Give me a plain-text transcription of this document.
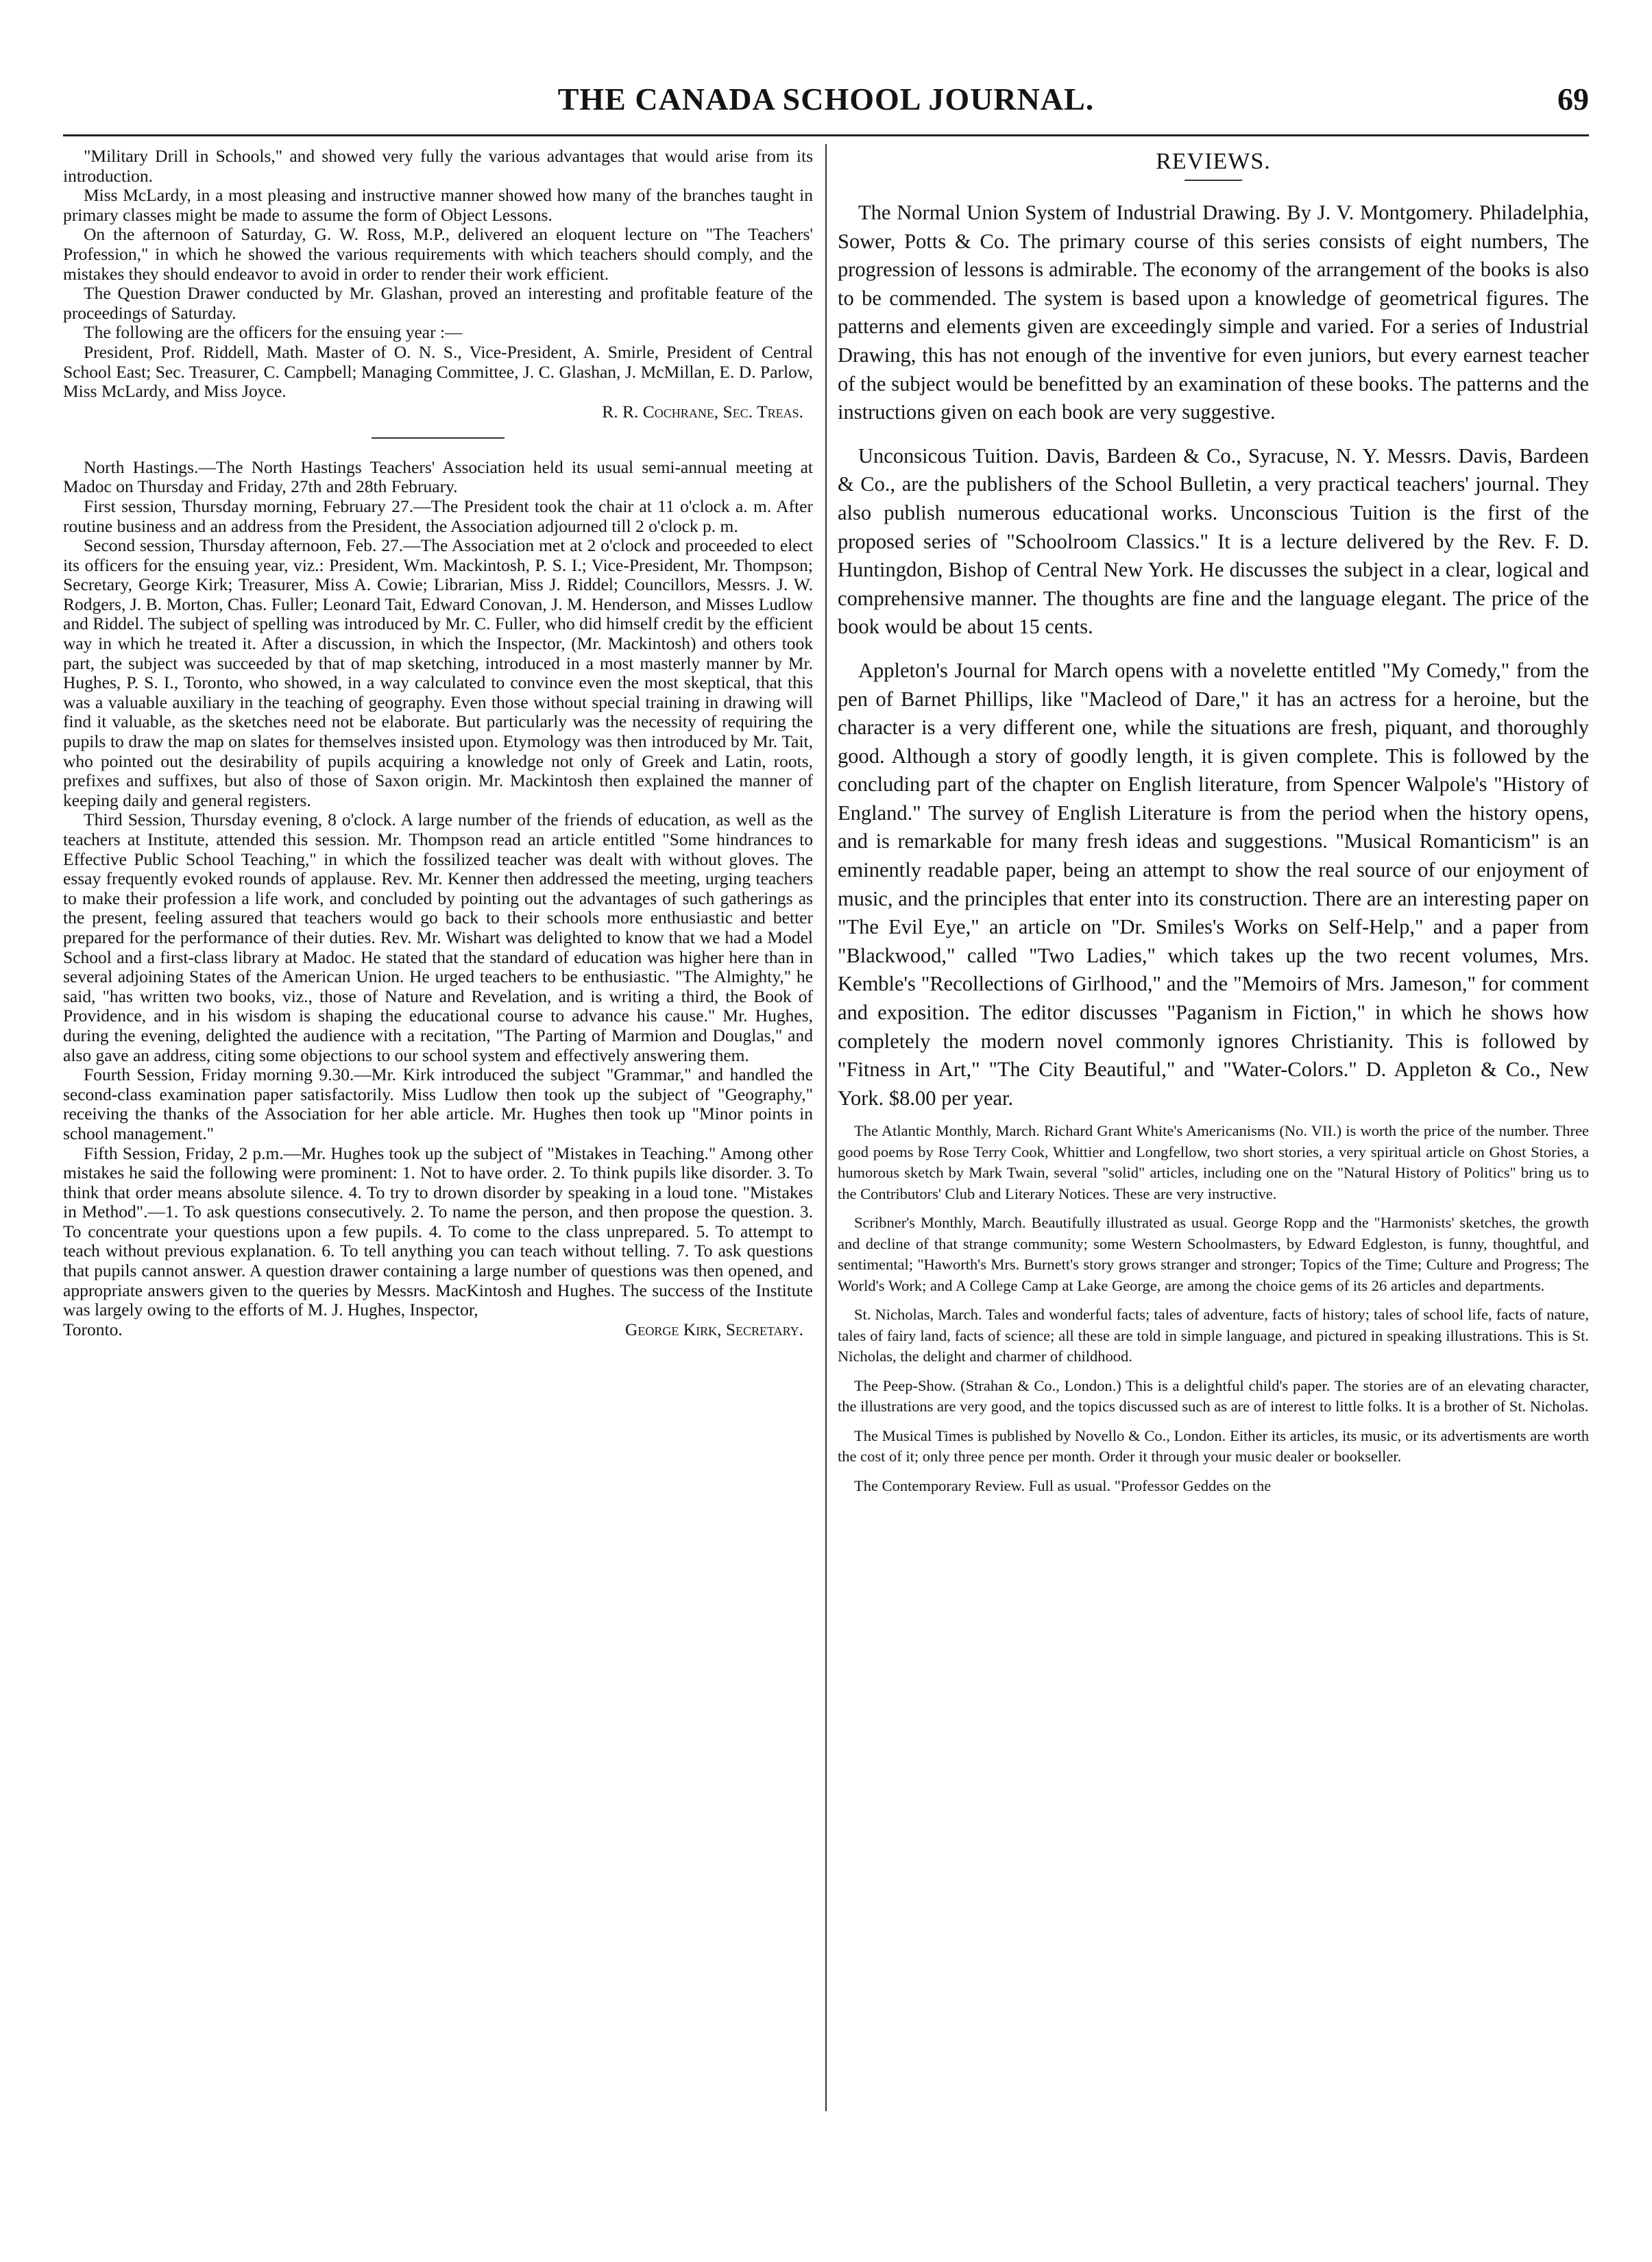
THE CANADA SCHOOL JOURNAL.	69

"Military Drill in Schools," and showed very fully the various advantages that would arise from its introduction.

Miss McLardy, in a most pleasing and instructive manner showed how many of the branches taught in primary classes might be made to assume the form of Object Lessons.

On the afternoon of Saturday, G. W. Ross, M.P., delivered an eloquent lecture on "The Teachers' Profession," in which he showed the various requirements with which teachers should comply, and the mistakes they should endeavor to avoid in order to render their work efficient.

The Question Drawer conducted by Mr. Glashan, proved an interesting and profitable feature of the proceedings of Saturday.

The following are the officers for the ensuing year :—

President, Prof. Riddell, Math. Master of O. N. S., Vice-President, A. Smirle, President of Central School East; Sec. Treasurer, C. Campbell; Managing Committee, J. C. Glashan, J. McMillan, E. D. Parlow, Miss McLardy, and Miss Joyce.

R. R. Cochrane, Sec. Treas.

North Hastings.—The North Hastings Teachers' Association held its usual semi-annual meeting at Madoc on Thursday and Friday, 27th and 28th February.

First session, Thursday morning, February 27.—The President took the chair at 11 o'clock a. m. After routine business and an address from the President, the Association adjourned till 2 o'clock p. m.

Second session, Thursday afternoon, Feb. 27.—The Association met at 2 o'clock and proceeded to elect its officers for the ensuing year, viz.: President, Wm. Mackintosh, P. S. I.; Vice-President, Mr. Thompson; Secretary, George Kirk; Treasurer, Miss A. Cowie; Librarian, Miss J. Riddel; Councillors, Messrs. J. W. Rodgers, J. B. Morton, Chas. Fuller; Leonard Tait, Edward Conovan, J. M. Henderson, and Misses Ludlow and Riddel. The subject of spelling was introduced by Mr. C. Fuller, who did himself credit by the efficient way in which he treated it. After a discussion, in which the Inspector, (Mr. Mackintosh) and others took part, the subject was succeeded by that of map sketching, introduced in a most masterly manner by Mr. Hughes, P. S. I., Toronto, who showed, in a way calculated to convince even the most skeptical, that this was a valuable auxiliary in the teaching of geography. Even those without special training in drawing will find it valuable, as the sketches need not be elaborate. But particularly was the necessity of requiring the pupils to draw the map on slates for themselves insisted upon. Etymology was then introduced by Mr. Tait, who pointed out the desirability of pupils acquiring a knowledge not only of Greek and Latin, roots, prefixes and suffixes, but also of those of Saxon origin. Mr. Mackintosh then explained the manner of keeping daily and general registers.

Third Session, Thursday evening, 8 o'clock. A large number of the friends of education, as well as the teachers at Institute, attended this session. Mr. Thompson read an article entitled "Some hindrances to Effective Public School Teaching," in which the fossilized teacher was dealt with without gloves. The essay frequently evoked rounds of applause. Rev. Mr. Kenner then addressed the meeting, urging teachers to make their profession a life work, and concluded by pointing out the advantages of such gatherings as the present, feeling assured that teachers would go back to their schools more enthusiastic and better prepared for the performance of their duties. Rev. Mr. Wishart was delighted to know that we had a Model School and a first-class library at Madoc. He stated that the standard of education was higher here than in several adjoining States of the American Union. He urged teachers to be enthusiastic. "The Almighty," he said, "has written two books, viz., those of Nature and Revelation, and is writing a third, the Book of Providence, and in his wisdom is shaping the educational course to advance his cause." Mr. Hughes, during the evening, delighted the audience with a recitation, "The Parting of Marmion and Douglas," and also gave an address, citing some objections to our school system and effectively answering them.

Fourth Session, Friday morning 9.30.—Mr. Kirk introduced the subject "Grammar," and handled the second-class examination paper satisfactorily. Miss Ludlow then took up the subject of "Geography," receiving the thanks of the Association for her able article. Mr. Hughes then took up "Minor points in school management."

Fifth Session, Friday, 2 p.m.—Mr. Hughes took up the subject of "Mistakes in Teaching." Among other mistakes he said the following were prominent: 1. Not to have order. 2. To think pupils like disorder. 3. To think that order means absolute silence. 4. To try to drown disorder by speaking in a loud tone. "Mistakes in Method".—1. To ask questions consecutively. 2. To name the person, and then propose the question. 3. To concentrate your questions upon a few pupils. 4. To come to the class unprepared. 5. To attempt to teach without previous explanation. 6. To tell anything you can teach without telling. 7. To ask questions that pupils cannot answer. A question drawer containing a large number of questions was then opened, and appropriate answers given to the queries by Messrs. MacKintosh and Hughes. The success of the Institute was largely owing to the efforts of M. J. Hughes, Inspector,

Toronto.	George Kirk, Secretary.

REVIEWS.

The Normal Union System of Industrial Drawing. By J. V. Montgomery. Philadelphia, Sower, Potts & Co. The primary course of this series consists of eight numbers, The progression of lessons is admirable. The economy of the arrangement of the books is also to be commended. The system is based upon a knowledge of geometrical figures. The patterns and elements given are exceedingly simple and varied. For a series of Industrial Drawing, this has not enough of the inventive for even juniors, but every earnest teacher of the subject would be benefitted by an examination of these books. The patterns and the instructions given on each book are very suggestive.

Unconsicous Tuition. Davis, Bardeen & Co., Syracuse, N. Y. Messrs. Davis, Bardeen & Co., are the publishers of the School Bulletin, a very practical teachers' journal. They also publish numerous educational works. Unconscious Tuition is the first of the proposed series of "Schoolroom Classics." It is a lecture delivered by the Rev. F. D. Huntingdon, Bishop of Central New York. He discusses the subject in a clear, logical and comprehensive manner. The thoughts are fine and the language elegant. The price of the book would be about 15 cents.

Appleton's Journal for March opens with a novelette entitled "My Comedy," from the pen of Barnet Phillips, like "Macleod of Dare," it has an actress for a heroine, but the character is a very different one, while the situations are fresh, piquant, and thoroughly good. Although a story of goodly length, it is given complete. This is followed by the concluding part of the chapter on English literature, from Spencer Walpole's "History of England." The survey of English Literature is from the period when the history opens, and is remarkable for many fresh ideas and suggestions. "Musical Romanticism" is an eminently readable paper, being an attempt to show the real source of our enjoyment of music, and the principles that enter into its construction. There are an interesting paper on "The Evil Eye," an article on "Dr. Smiles's Works on Self-Help," and a paper from "Blackwood," called "Two Ladies," which takes up the two recent volumes, Mrs. Kemble's "Recollections of Girlhood," and the "Memoirs of Mrs. Jameson," for comment and exposition. The editor discusses "Paganism in Fiction," in which he shows how completely the modern novel commonly ignores Christianity. This is followed by "Fitness in Art," "The City Beautiful," and "Water-Colors." D. Appleton & Co., New York. $8.00 per year.

The Atlantic Monthly, March. Richard Grant White's Americanisms (No. VII.) is worth the price of the number. Three good poems by Rose Terry Cook, Whittier and Longfellow, two short stories, a very spiritual article on Ghost Stories, a humorous sketch by Mark Twain, several "solid" articles, including one on the "Natural History of Politics" bring us to the Contributors' Club and Literary Notices. These are very instructive.

Scribner's Monthly, March. Beautifully illustrated as usual. George Ropp and the "Harmonists' sketches, the growth and decline of that strange community; some Western Schoolmasters, by Edward Edgleston, is funny, thoughtful, and sentimental; "Haworth's Mrs. Burnett's story grows stranger and stronger; Topics of the Time; Culture and Progress; The World's Work; and A College Camp at Lake George, are among the choice gems of its 26 articles and departments.

St. Nicholas, March. Tales and wonderful facts; tales of adventure, facts of history; tales of school life, facts of nature, tales of fairy land, facts of science; all these are told in simple language, and pictured in speaking illustrations. This is St. Nicholas, the delight and charmer of childhood.

The Peep-Show. (Strahan & Co., London.) This is a delightful child's paper. The stories are of an elevating character, the illustrations are very good, and the topics discussed such as are of interest to little folks. It is a brother of St. Nicholas.

The Musical Times is published by Novello & Co., London. Either its articles, its music, or its advertisments are worth the cost of it; only three pence per month. Order it through your music dealer or bookseller.

The Contemporary Review. Full as usual. "Professor Geddes on the
